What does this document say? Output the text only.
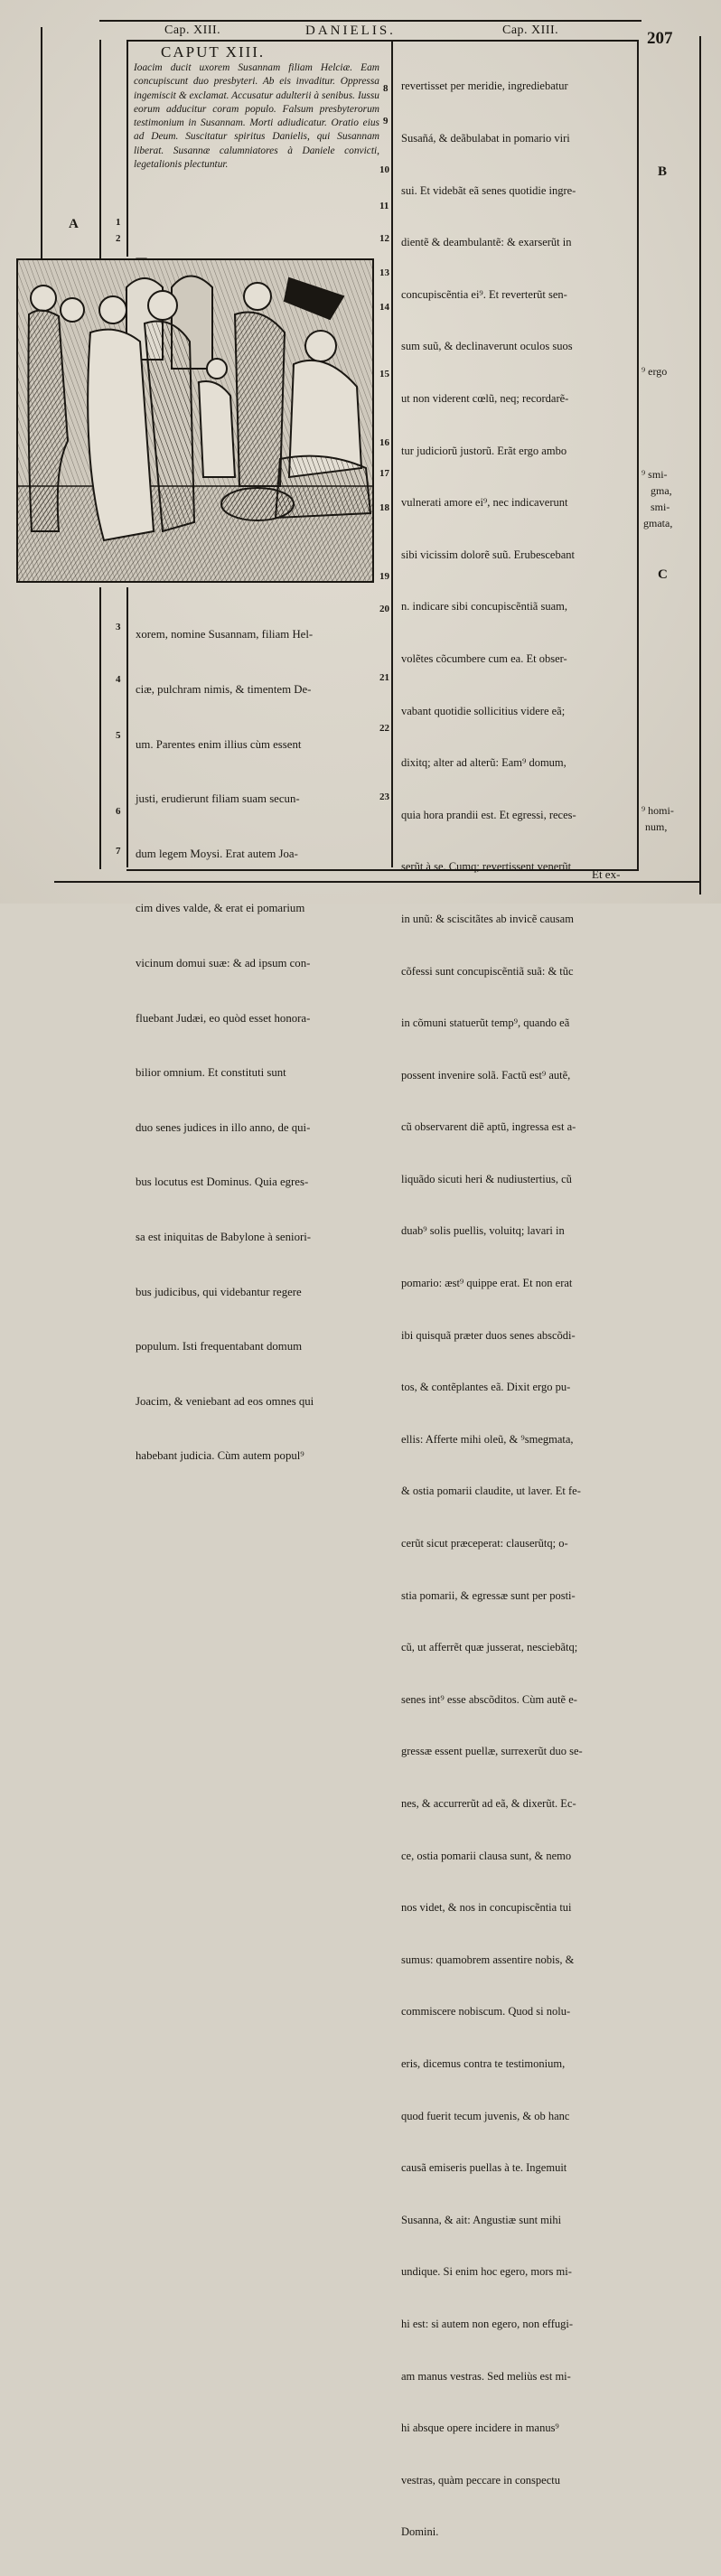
Cap. XIII.	DANIELIS.	Cap. XIII.	207
CAPUT XIII.
Ioacim ducit uxorem Susannam filiam Helciæ. Eam concupiscunt duo presbyteri. Ab eis invaditur. Oppressa ingemiscit & exclamat. Accusatur adulterii à senibus. Iussu eorum adducitur coram populo. Falsum presbyterorum testimonium in Susannam. Morti adiudicatur. Oratio eius ad Deum. Suscitatur spiritus Danielis, qui Susannam liberat. Susannæ calumniatores à Daniele convicti, legetalionis plectuntur.

xorem, nomine Susannam, filiam Hel-

ciæ, pulchram nimis, & timentem De-

um. Parentes enim illius cùm essent

justi, erudierunt filiam suam secun-

dum legem Moysi. Erat autem Joa-

cim dives valde, & erat ei pomarium

vicinum domui suæ: & ad ipsum con-

fluebant Judæi, eo quòd esset honora-

bilior omnium. Et constituti sunt

duo senes judices in illo anno, de qui-

bus locutus est Dominus. Quia egres-

sa est iniquitas de Babylone à seniori-

bus judicibus, qui videbantur regere

populum. Isti frequentabant domum

Joacim, & veniebant ad eos omnes qui

habebant judicia. Cùm autem popul⁹

revertisset per meridie, ingrediebatur

Susañá, & deãbulabat in pomario viri

sui. Et videbãt eã senes quotidie ingre-

dientẽ & deambulantẽ: & exarserũt in

concupiscẽntia ei⁹. Et reverterũt sen-

sum suũ, & declinaverunt oculos suos

ut non viderent cœlũ, neq; recordarẽ-

tur judiciorũ justorũ. Erãt ergo ambo

vulnerati amore ei⁹, nec indicaverunt

sibi vicissim dolorẽ suũ. Erubescebant

n. indicare sibi concupiscẽntiã suam,

volẽtes cõcumbere cum ea. Et obser-

vabant quotidie sollicitius videre eã;

dixitq; alter ad alterũ: Eam⁹ domum,

quia hora prandii est. Et egressi, reces-

serũt à se. Cumq; revertissent venerũt

in unũ: & sciscitãtes ab invicẽ causam

cõfessi sunt concupiscẽntiã suã: & tũc

in cõmuni statuerũt temp⁹, quando eã

possent invenire solã. Factũ est⁹ autẽ,

cũ observarent diẽ aptũ, ingressa est a-

liquãdo sicuti heri & nudiustertius, cũ

duab⁹ solis puellis, voluitq; lavari in

pomario: æst⁹ quippe erat. Et non erat

ibi quisquã præter duos senes abscõdi-

tos, & contẽplantes eã. Dixit ergo pu-

ellis: Afferte mihi oleũ, & ⁹smegmata,

& ostia pomarii claudite, ut laver. Et fe-

cerũt sicut præceperat: clauserũtq; o-

stia pomarii, & egressæ sunt per posti-

cũ, ut afferrẽt quæ jusserat, nesciebãtq;

senes int⁹ esse abscõditos. Cùm autẽ e-

gressæ essent puellæ, surrexerũt duo se-

nes, & accurrerũt ad eã, & dixerũt. Ec-

ce, ostia pomarii clausa sunt, & nemo

nos videt, & nos in concupiscẽntia tui

sumus: quamobrem assentire nobis, &

commiscere nobiscum. Quod si nolu-

eris, dicemus contra te testimonium,

quod fuerit tecum juvenis, & ob hanc

causã emiseris puellas à te. Ingemuit

Susanna, & ait: Angustiæ sunt mihi

undique. Si enim hoc egero, mors mi-

hi est: si autem non egero, non effugi-

am manus vestras. Sed meliùs est mi-

hi absque opere incidere in manus⁹

vestras, quàm peccare in conspectu

Domini.

1
2
3
4
5
6
7
8
9
10
11
12
13
14
15
16
17
18
19
20
21
22
23
A
B
C
⁹ ergo
⁹ smi-
gma,
smi-
gmata,
⁹ homi-
num,
Et ex-
